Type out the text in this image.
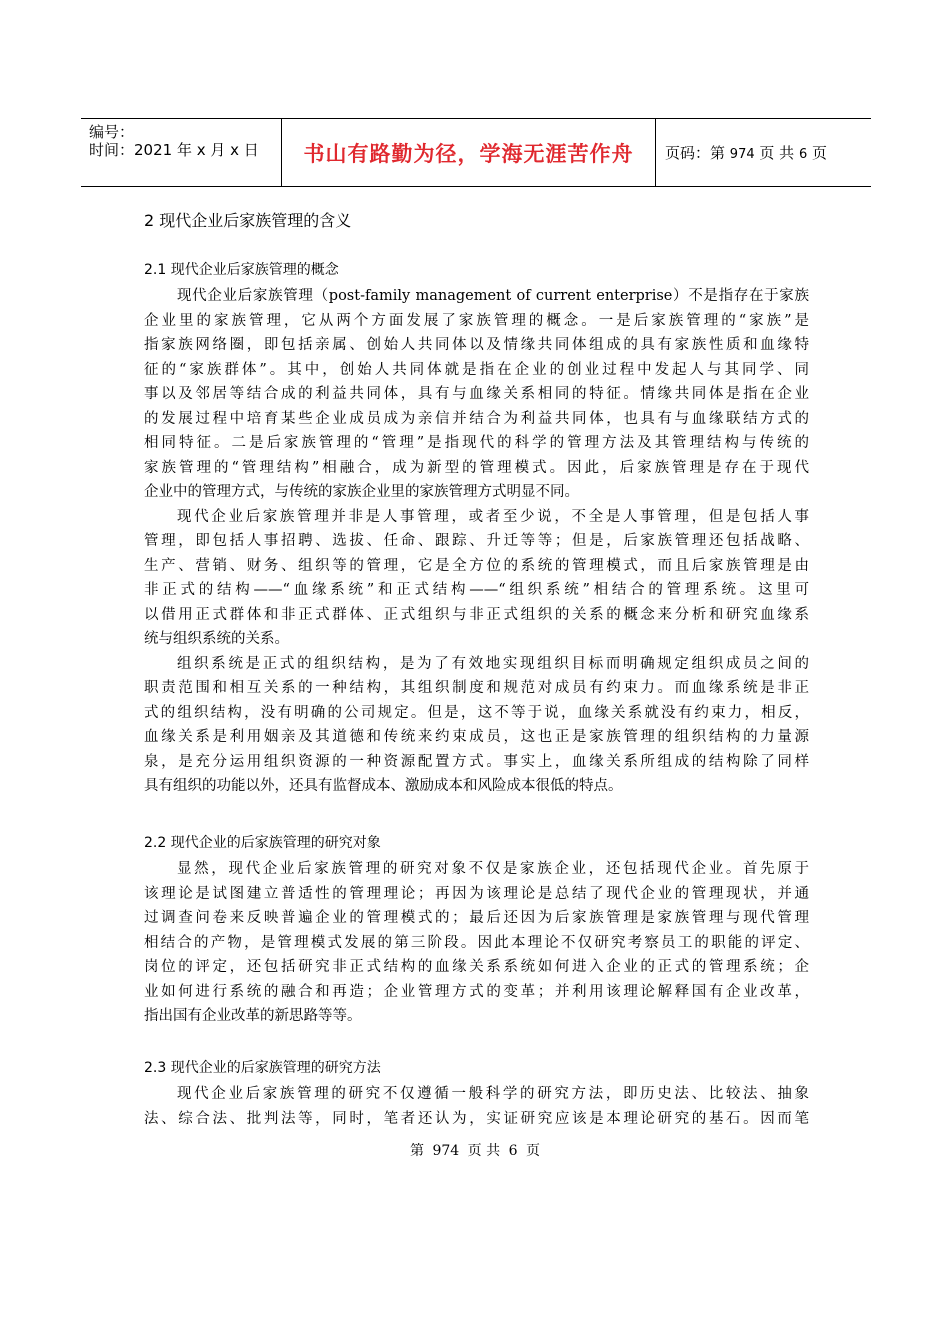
编号：
时间：2021 年 x 月 x 日 书山有路勤为径，学海无涯苦作舟 页码：第 974 页 共 6 页
2 现代企业后家族管理的含义
2.1 现代企业后家族管理的概念
现代企业后家族管理（post-family management of current enterprise）不是指存在于家族
企业里的家族管理，它从两个方面发展了家族管理的概念。一是后家族管理的“家族”是
指家族网络圈，即包括亲属、创始人共同体以及情缘共同体组成的具有家族性质和血缘特
征的“家族群体”。其中，创始人共同体就是指在企业的创业过程中发起人与其同学、同
事以及邻居等结合成的利益共同体，具有与血缘关系相同的特征。情缘共同体是指在企业
的发展过程中培育某些企业成员成为亲信并结合为利益共同体，也具有与血缘联结方式的
相同特征。二是后家族管理的“管理”是指现代的科学的管理方法及其管理结构与传统的
家族管理的“管理结构”相融合，成为新型的管理模式。因此，后家族管理是存在于现代
企业中的管理方式，与传统的家族企业里的家族管理方式明显不同。
现代企业后家族管理并非是人事管理，或者至少说，不全是人事管理，但是包括人事
管理，即包括人事招聘、选拔、任命、跟踪、升迁等等；但是，后家族管理还包括战略、
生产、营销、财务、组织等的管理，它是全方位的系统的管理模式，而且后家族管理是由
非正式的结构——“血缘系统”和正式结构——“组织系统”相结合的管理系统。这里可
以借用正式群体和非正式群体、正式组织与非正式组织的关系的概念来分析和研究血缘系
统与组织系统的关系。
组织系统是正式的组织结构，是为了有效地实现组织目标而明确规定组织成员之间的
职责范围和相互关系的一种结构，其组织制度和规范对成员有约束力。而血缘系统是非正
式的组织结构，没有明确的公司规定。但是，这不等于说，血缘关系就没有约束力，相反，
血缘关系是利用姻亲及其道德和传统来约束成员，这也正是家族管理的组织结构的力量源
泉，是充分运用组织资源的一种资源配置方式。事实上，血缘关系所组成的结构除了同样
具有组织的功能以外，还具有监督成本、激励成本和风险成本很低的特点。
2.2 现代企业的后家族管理的研究对象
显然，现代企业后家族管理的研究对象不仅是家族企业，还包括现代企业。首先原于
该理论是试图建立普适性的管理理论；再因为该理论是总结了现代企业的管理现状，并通
过调查问卷来反映普遍企业的管理模式的；最后还因为后家族管理是家族管理与现代管理
相结合的产物，是管理模式发展的第三阶段。因此本理论不仅研究考察员工的职能的评定、
岗位的评定，还包括研究非正式结构的血缘关系系统如何进入企业的正式的管理系统；企
业如何进行系统的融合和再造；企业管理方式的变革；并利用该理论解释国有企业改革，
指出国有企业改革的新思路等等。
2.3 现代企业的后家族管理的研究方法
现代企业后家族管理的研究不仅遵循一般科学的研究方法，即历史法、比较法、抽象
法、综合法、批判法等，同时，笔者还认为，实证研究应该是本理论研究的基石。因而笔
第 974 页 共 6 页
